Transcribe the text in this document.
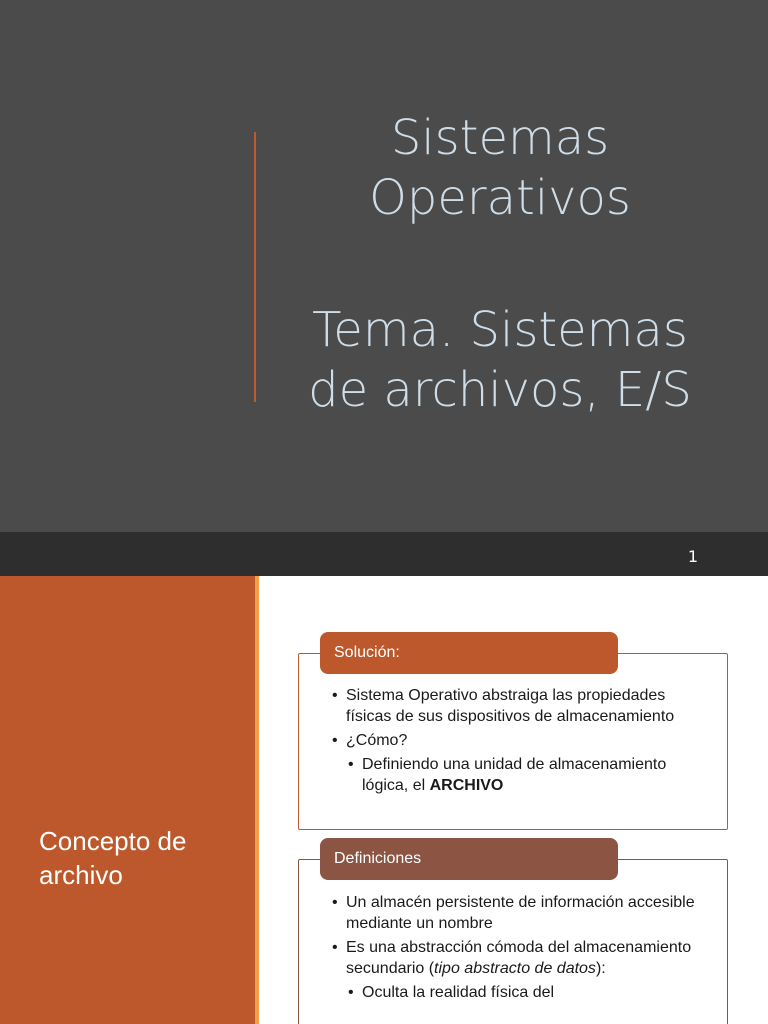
Sistemas
Operativos
Tema. Sistemas
de archivos, E/S
1
Concepto de archivo
Solución:
• Sistema Operativo abstraiga las propiedades físicas de sus dispositivos de almacenamiento
• ¿Cómo?
• Definiendo una unidad de almacenamiento lógica, el ARCHIVO
Definiciones
• Un almacén persistente de información accesible mediante un nombre
• Es una abstracción cómoda del almacenamiento secundario (tipo abstracto de datos):
• Oculta la realidad física del
